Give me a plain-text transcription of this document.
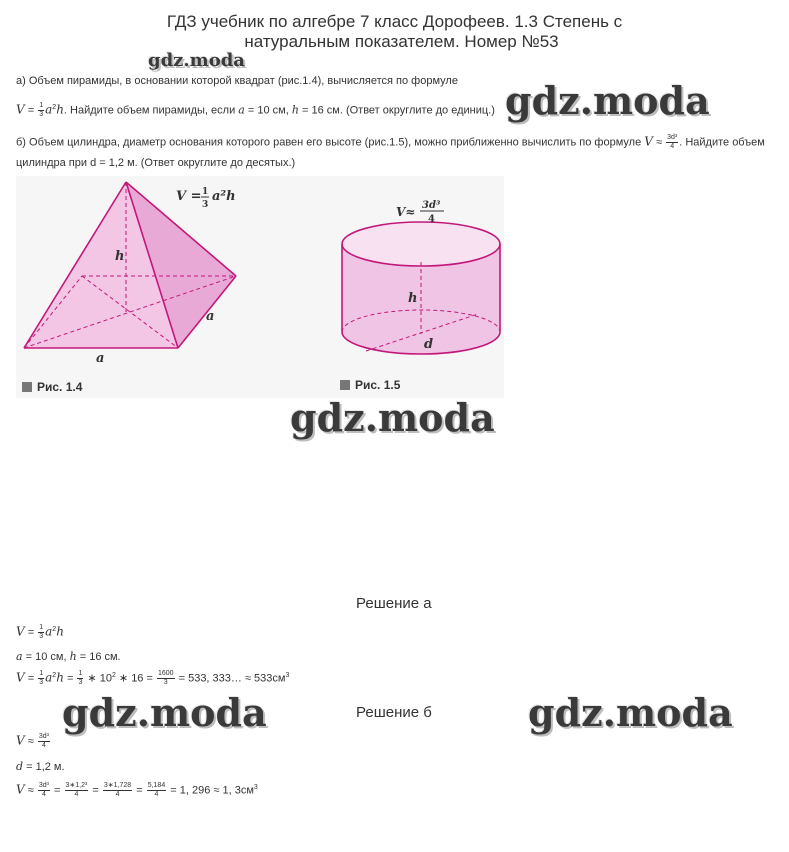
ГДЗ учебник по алгебре 7 класс Дорофеев. 1.3 Степень с
натуральным показателем. Номер №53
gdz.moda
а) Объем пирамиды, в основании которой квадрат (рис.1.4), вычисляется по формуле
$V = \frac{1}{3} a^2h$. Найдите объем пирамиды, если a = 10 см, h = 16 см. (Ответ округлите до единиц.)
б) Объем цилиндра, диаметр основания которого равен его высоте (рис.1.5), можно приближенно вычислить по формуле $V \approx \frac{\text{3d³}}{4}$ . Найдите объем
цилиндра при d = 1,2 м. (Ответ округлите до десятых.)
gdz.moda
h
a
a
V = 1
3
a²h
h
d
V≈ 3d³
4
Рис. 1.4	Рис. 1.5
gdz.moda
Решение а
$V = \frac{1}{3} a^2h$
a = 10 см, h = 16 см.
$V = \frac{1}{3} a^2h = \frac{1}{3}$ ∗ $10^2$ ∗ $16 = \frac{1600}{3} = 533$, 333… ≈ $533см^3$
gdz.moda	gdz.moda
Решение б
$V \approx \frac{\text{3d³}}{4}$
d = 1,2 м.
$V \approx \frac{\text{3d³}}{4} = \frac{\text{3∗1,2³}}{4} = \frac{3∗1,728}{4} = \frac{5,184}{4} = 1$, 296 ≈ 1, $3см^3$
